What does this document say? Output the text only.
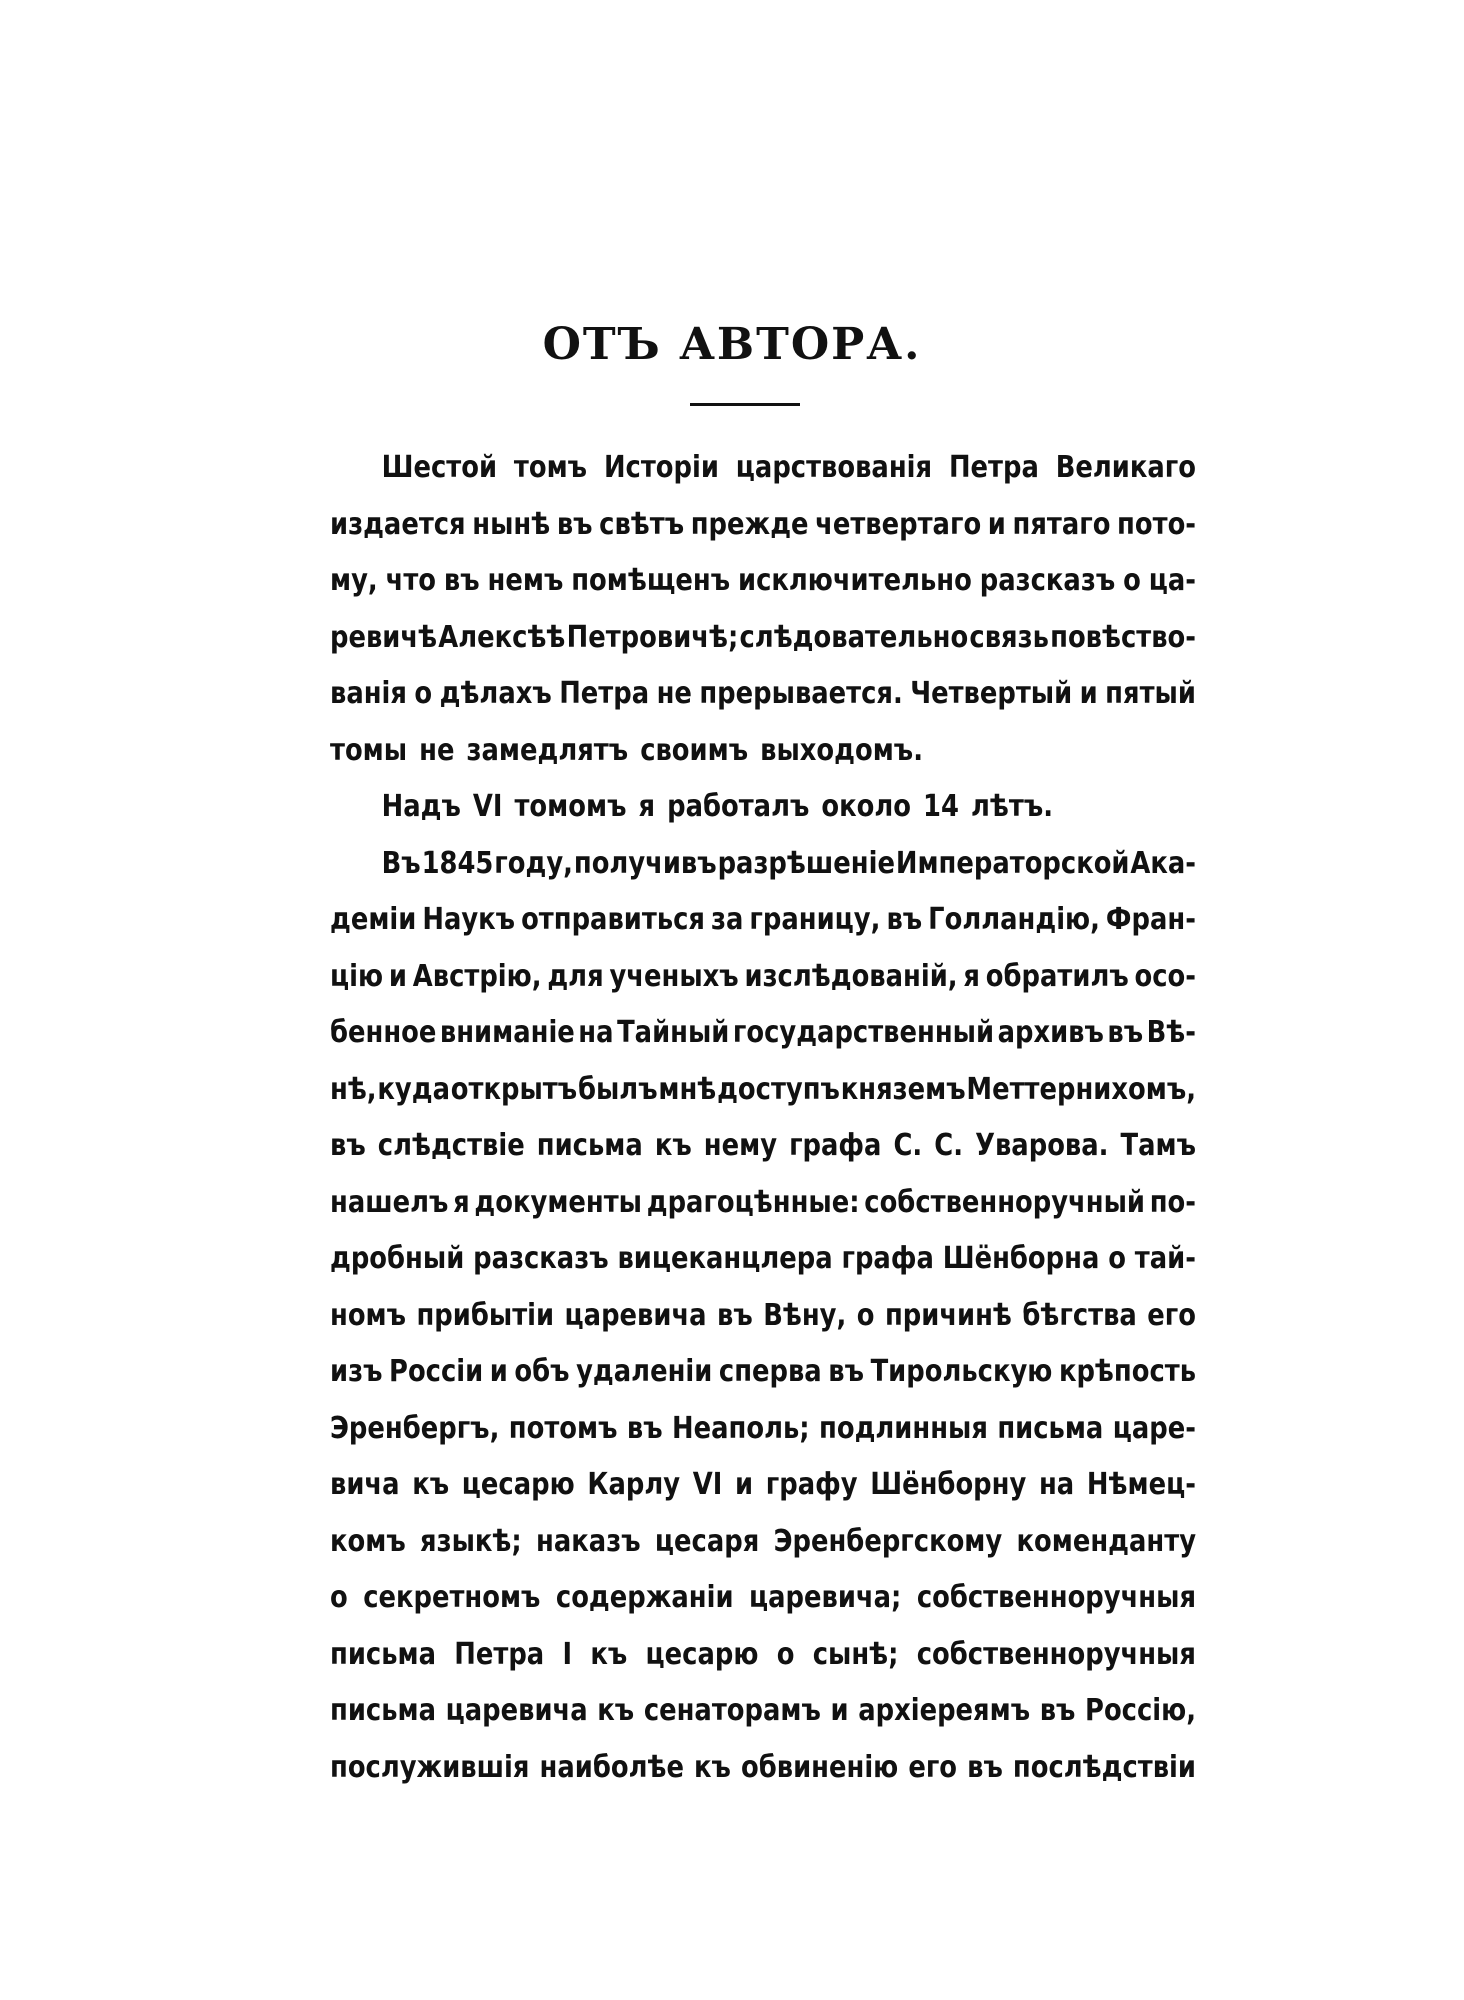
ОТЪ АВТОРА.
Шестой томъ Исторіи царствованія Петра Великаго
издается нынѣ въ свѣтъ прежде четвертаго и пятаго пото-
му, что въ немъ помѣщенъ исключительно разсказъ о ца-
ревичѣ Алексѣѣ Петровичѣ; слѣдовательно связь повѣство-
ванія о дѣлахъ Петра не прерывается. Четвертый и пятый
томы не замедлятъ своимъ выходомъ.
Надъ VI томомъ я работалъ около 14 лѣтъ.
Въ 1845 году, получивъ разрѣшеніе Императорской Ака-
деміи Наукъ отправиться за границу, въ Голландію, Фран-
цію и Австрію, для ученыхъ изслѣдованій, я обратилъ осо-
бенное вниманіе на Тайный государственный архивъ въ Вѣ-
нѣ, куда открытъ былъ мнѣ доступъ княземъ Меттернихомъ,
въ слѣдствіе письма къ нему графа С. С. Уварова. Тамъ
нашелъ я документы драгоцѣнные: собственноручный по-
дробный разсказъ вицеканцлера графа Шёнборна о тай-
номъ прибытіи царевича въ Вѣну, о причинѣ бѣгства его
изъ Россіи и объ удаленіи сперва въ Тирольскую крѣпость
Эренбергъ, потомъ въ Неаполь; подлинныя письма царе-
вича къ цесарю Карлу VI и графу Шёнборну на Нѣмец-
комъ языкѣ; наказъ цесаря Эренбергскому коменданту
о секретномъ содержаніи царевича; собственноручныя
письма Петра I къ цесарю о сынѣ; собственноручныя
письма царевича къ сенаторамъ и архіереямъ въ Россію,
послужившія наиболѣе къ обвиненію его въ послѣдствіи
